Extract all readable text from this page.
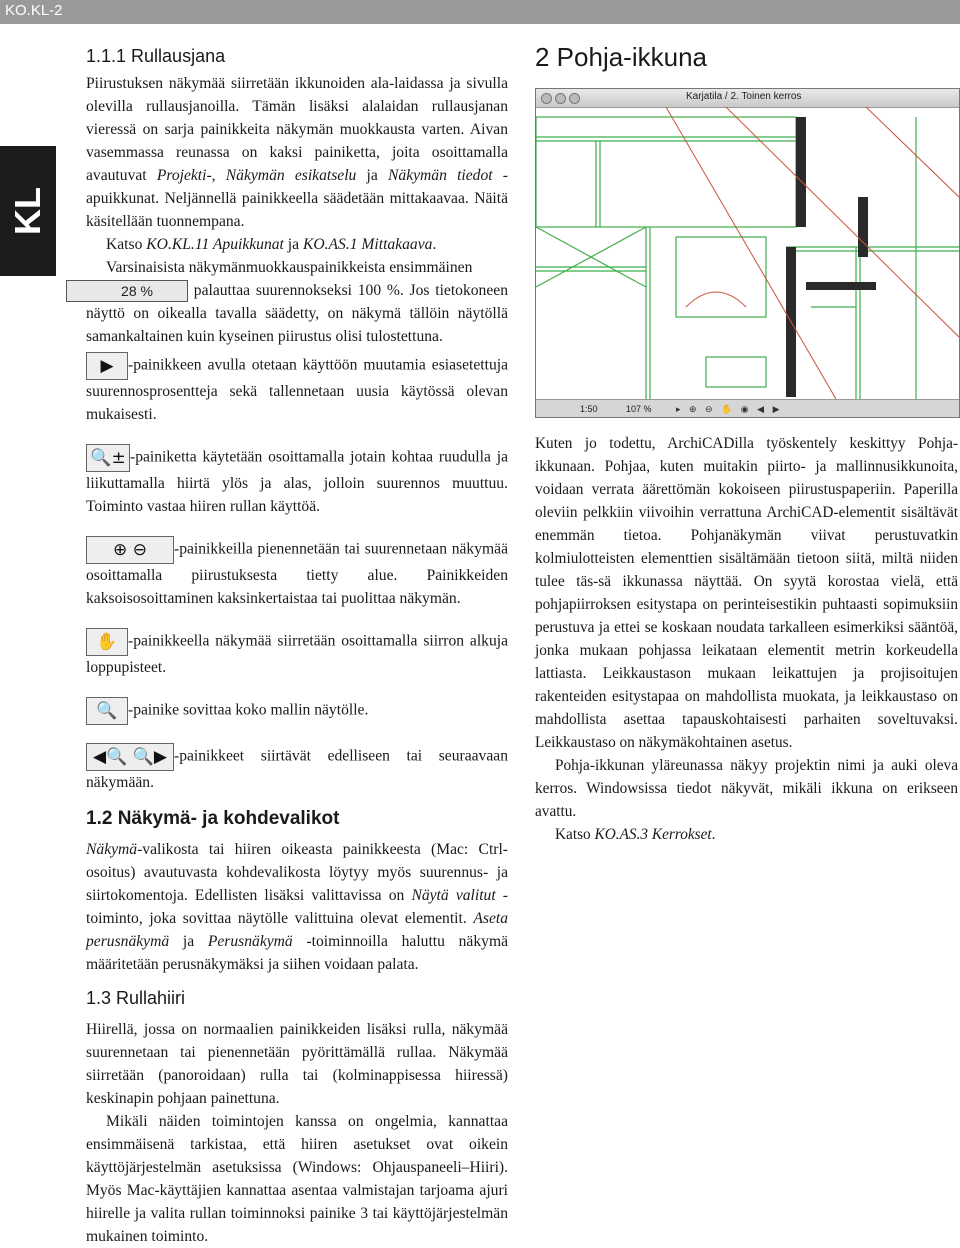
KO.KL-2
KL

1.1.1 Rullausjana

Piirustuksen näkymää siirretään ikkunoiden ala-laidassa ja sivulla olevilla rullausjanoilla. Tämän lisäksi alalaidan rullausjanan vieressä on sarja painikkeita näkymän muokkausta varten. Aivan vasemmassa reunassa on kaksi painiketta, joita osoittamalla avautuvat Projekti-, Näkymän esikatselu ja Näkymän tiedot -apuikkunat. Neljännellä painikkeella säädetään mittakaavaa. Näitä käsitellään tuonnempana.

Katso KO.KL.11 Apuikkunat ja KO.AS.1 Mittakaava.

Varsinaisista näkymänmuokkauspainikkeista ensimmäinen
28 % palauttaa suurennokseksi 100 %. Jos tietokoneen näyttö on oikealla tavalla säädetty, on näkymä tällöin näytöllä samankaltainen kuin kyseinen piirustus olisi tulostettuna.

▶ -painikkeen avulla otetaan käyttöön muutamia esiasetettuja suurennosprosentteja sekä tallennetaan uusia käytössä olevan mukaisesti.

🔍± -painiketta käytetään osoittamalla jotain kohtaa ruudulla ja liikuttamalla hiirtä ylös ja alas, jolloin suurennos muuttuu. Toiminto vastaa hiiren rullan käyttöä.

⊕ ⊖ -painikkeilla pienennetään tai suurennetaan näkymää osoittamalla piirustuksesta tietty alue. Painikkeiden kaksoisosoittaminen kaksinkertaistaa tai puolittaa näkymän.

✋ -painikkeella näkymää siirretään osoittamalla siirron alkuja loppupisteet.

🔍 -painike sovittaa koko mallin näytölle.

◀🔍 🔍▶ -painikkeet siirtävät edelliseen tai seuraavaan näkymään.

1.2 Näkymä- ja kohdevalikot

Näkymä-valikosta tai hiiren oikeasta painikkeesta (Mac: Ctrl-osoitus) avautuvasta kohdevalikosta löytyy myös suurennus- ja siirtokomentoja. Edellisten lisäksi valittavissa on Näytä valitut -toiminto, joka sovittaa näytölle valittuina olevat elementit. Aseta perusnäkymä ja Perusnäkymä -toiminnoilla haluttu näkymä määritetään perusnäkymäksi ja siihen voidaan palata.

1.3 Rullahiiri

Hiirellä, jossa on normaalien painikkeiden lisäksi rulla, näkymää suurennetaan tai pienennetään pyörittämällä rullaa. Näkymää siirretään (panoroidaan) rulla tai (kolminappisessa hiiressä) keskinapin pohjaan painettuna.

Mikäli näiden toimintojen kanssa on ongelmia, kannattaa ensimmäisenä tarkistaa, että hiiren asetukset ovat oikein käyttöjärjestelmän asetuksissa (Windows: Ohjauspaneeli–Hiiri). Myös Mac-käyttäjien kannattaa asentaa valmistajan tarjoama ajuri hiirelle ja valita rullan toiminnoksi painike 3 tai käyttöjärjestelmän mukainen toiminto.

2 Pohja-ikkuna

Karjatila / 2. Toinen kerros
1:50	107 %	▸ ⊕ ⊖ ✋ ◉ ◀ ▶

Kuten jo todettu, ArchiCADilla työskentely keskittyy Pohja-ikkunaan. Pohjaa, kuten muitakin piirto- ja mallinnusikkunoita, voidaan verrata äärettömän kokoiseen piirustuspaperiin. Paperilla oleviin pelkkiin viivoihin verrattuna ArchiCAD-elementit sisältävät enemmän tietoa. Pohjanäkymän viivat perustuvatkin kolmiulotteisten elementtien sisältämään tietoon siitä, miltä niiden tulee täs-sä ikkunassa näyttää. On syytä korostaa vielä, että pohjapiirroksen esitystapa on perinteisestikin puhtaasti sopimuksiin perustuva ja ettei se koskaan noudata tarkalleen esimerkiksi sääntöä, jonka mukaan pohjassa leikataan elementit metrin korkeudella lattiasta. Leikkaustason mukaan leikattujen ja projisoitujen rakenteiden esitystapaa on mahdollista muokata, ja leikkaustaso on mahdollista asettaa tapauskohtaisesti parhaiten soveltuvaksi. Leikkaustaso on näkymäkohtainen asetus.

Pohja-ikkunan yläreunassa näkyy projektin nimi ja auki oleva kerros. Windowsissa tiedot näkyvät, mikäli ikkuna on erikseen avattu.

Katso KO.AS.3 Kerrokset.
